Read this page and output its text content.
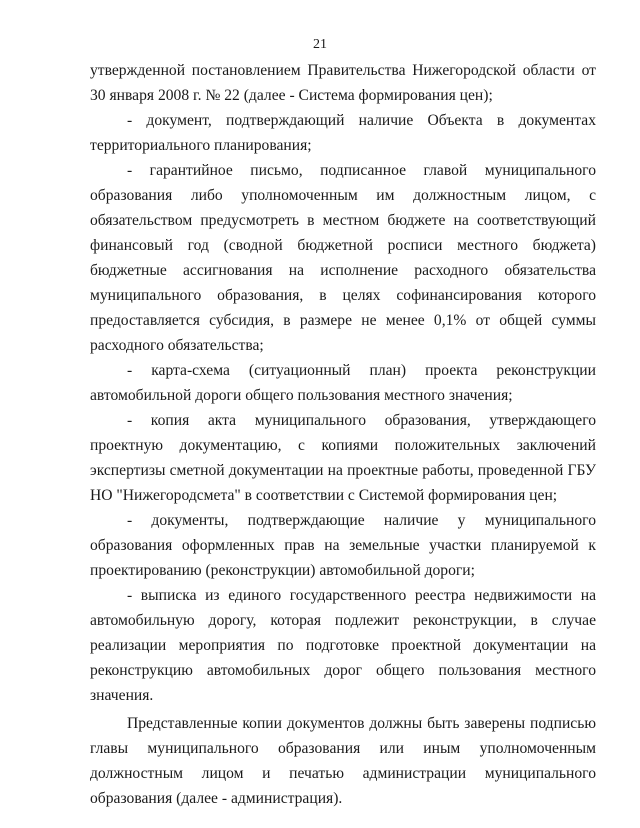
21

утвержденной постановлением Правительства Нижегородской области от 30 января 2008 г. № 22 (далее - Система формирования цен);

- документ, подтверждающий наличие Объекта в документах территориального планирования;

- гарантийное письмо, подписанное главой муниципального образования либо уполномоченным им должностным лицом, с обязательством предусмотреть в местном бюджете на соответствующий финансовый год (сводной бюджетной росписи местного бюджета) бюджетные ассигнования на исполнение расходного обязательства муниципального образования, в целях софинансирования которого предоставляется субсидия, в размере не менее 0,1% от общей суммы расходного обязательства;

- карта-схема (ситуационный план) проекта реконструкции автомобильной дороги общего пользования местного значения;

- копия акта муниципального образования, утверждающего проектную документацию, с копиями положительных заключений экспертизы сметной документации на проектные работы, проведенной ГБУ НО "Нижегородсмета" в соответствии с Системой формирования цен;

- документы, подтверждающие наличие у муниципального образования оформленных прав на земельные участки планируемой к проектированию (реконструкции) автомобильной дороги;

- выписка из единого государственного реестра недвижимости на автомобильную дорогу, которая подлежит реконструкции, в случае реализации мероприятия по подготовке проектной документации на реконструкцию автомобильных дорог общего пользования местного значения.

Представленные копии документов должны быть заверены подписью главы муниципального образования или иным уполномоченным должностным лицом и печатью администрации муниципального образования (далее - администрация).
